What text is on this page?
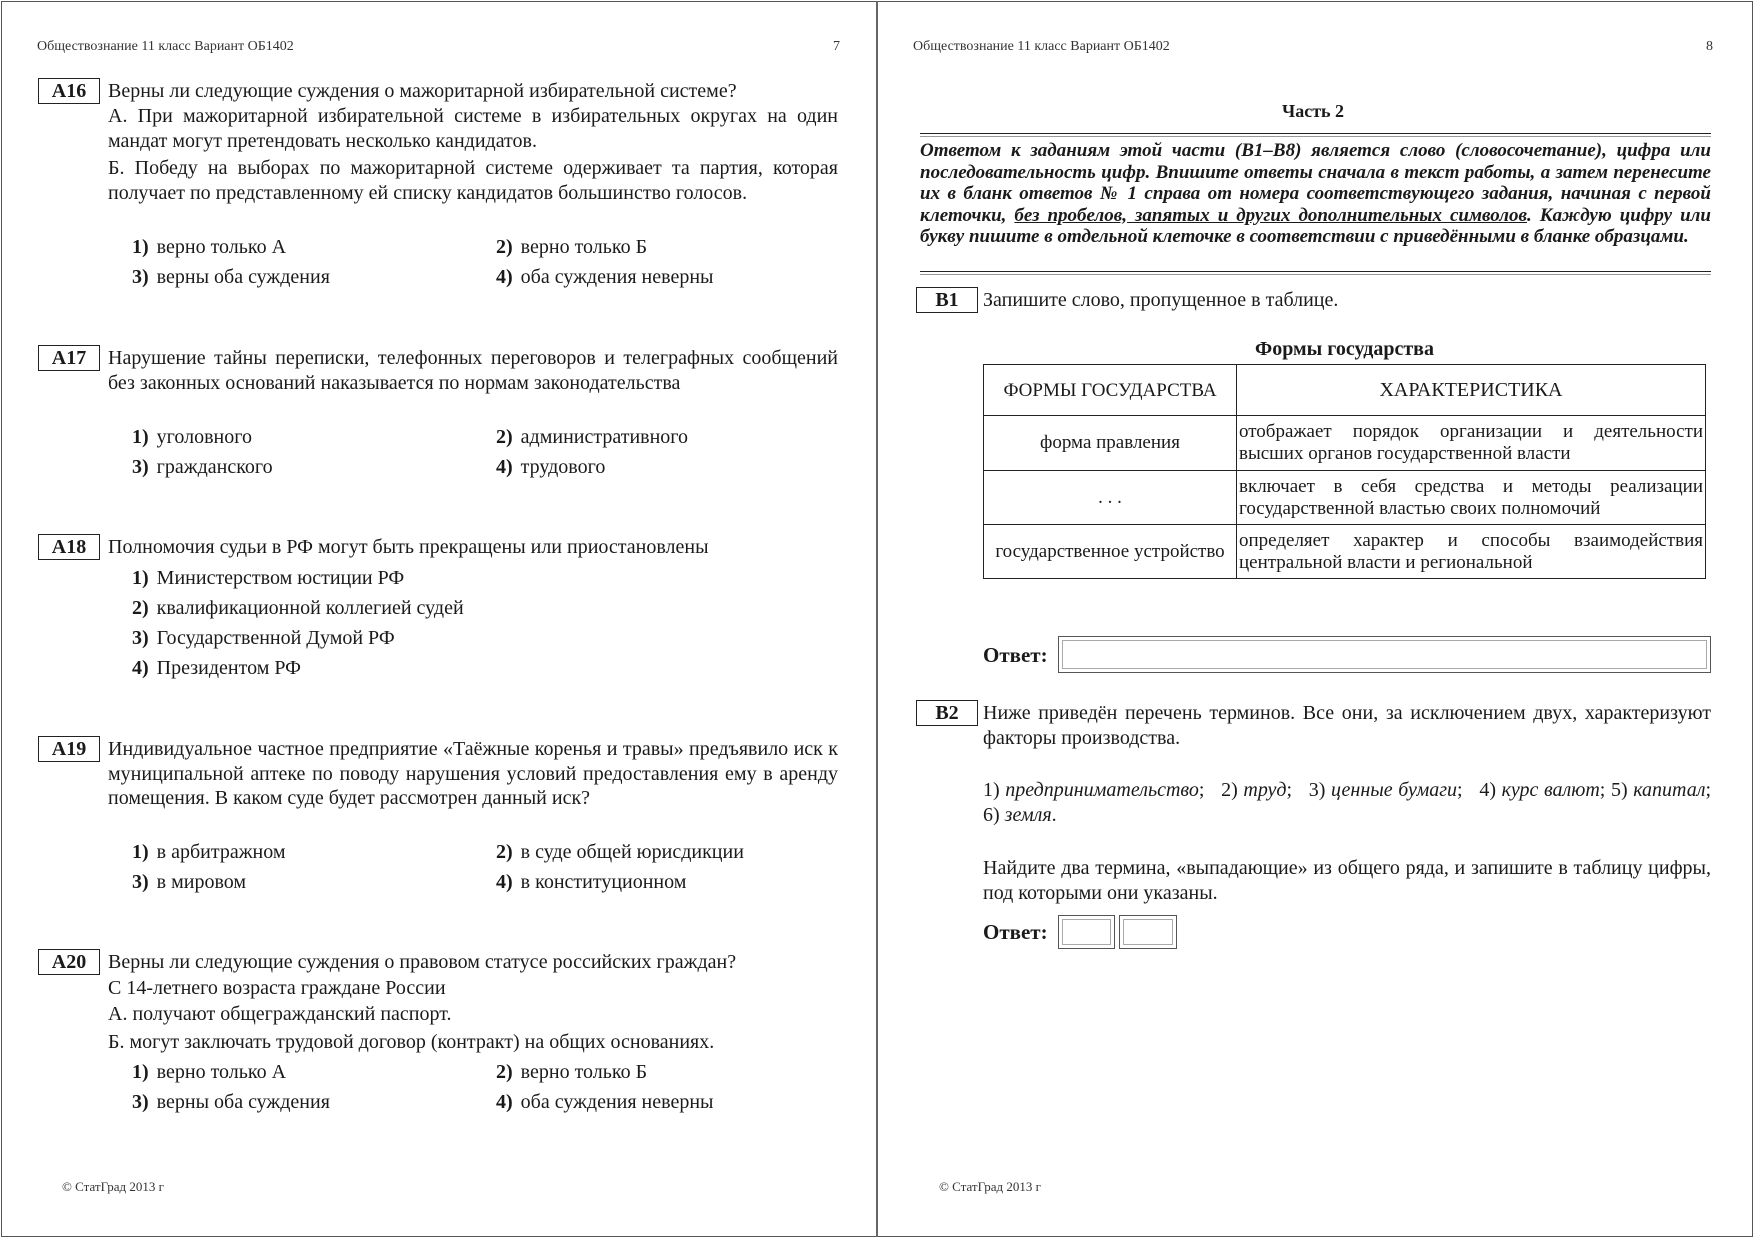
Обществознание 11 класс Вариант ОБ1402	7
A16	Верны ли следующие суждения о мажоритарной избирательной системе?
А. При мажоритарной избирательной системе в избирательных округах на один мандат могут претендовать несколько кандидатов.
Б. Победу на выборах по мажоритарной системе одерживает та партия, которая получает по представленному ей списку кандидатов большинство голосов.
1) верно только А	2) верно только Б
3) верны оба суждения	4) оба суждения неверны
A17	Нарушение тайны переписки, телефонных переговоров и телеграфных сообщений без законных оснований наказывается по нормам законодательства
1) уголовного	2) административного
3) гражданского	4) трудового
A18	Полномочия судьи в РФ могут быть прекращены или приостановлены
1) Министерством юстиции РФ
2) квалификационной коллегией судей
3) Государственной Думой РФ
4) Президентом РФ
A19	Индивидуальное частное предприятие «Таёжные коренья и травы» предъявило иск к муниципальной аптеке по поводу нарушения условий предоставления ему в аренду помещения. В каком суде будет рассмотрен данный иск?
1) в арбитражном	2) в суде общей юрисдикции
3) в мировом	4) в конституционном
A20	Верны ли следующие суждения о правовом статусе российских граждан?
С 14-летнего возраста граждане России
А. получают общегражданский паспорт.
Б. могут заключать трудовой договор (контракт) на общих основаниях.
1) верно только А	2) верно только Б
3) верны оба суждения	4) оба суждения неверны
© СтатГрад 2013 г
Обществознание 11 класс Вариант ОБ1402	8
Часть 2
Ответом к заданиям этой части (В1–В8) является слово (словосочетание), цифра или последовательность цифр. Впишите ответы сначала в текст работы, а затем перенесите их в бланк ответов № 1 справа от номера соответствующего задания, начиная с первой клеточки, без пробелов, запятых и других дополнительных символов. Каждую цифру или букву пишите в отдельной клеточке в соответствии с приведёнными в бланке образцами.
B1	Запишите слово, пропущенное в таблице.
Формы государства
ФОРМЫ ГОСУДАРСТВА	ХАРАКТЕРИСТИКА
форма правления	отображает порядок организации и деятельности высших органов государственной власти
. . .	включает в себя средства и методы реализации государственной властью своих полномочий
государственное устройство	определяет характер и способы взаимодействия центральной власти и региональной
Ответ:
B2	Ниже приведён перечень терминов. Все они, за исключением двух, характеризуют факторы производства.
1) предпринимательство;   2) труд;   3) ценные бумаги;   4) курс валют; 5) капитал; 6) земля.
Найдите два термина, «выпадающие» из общего ряда, и запишите в таблицу цифры, под которыми они указаны.
Ответ:
© СтатГрад 2013 г
